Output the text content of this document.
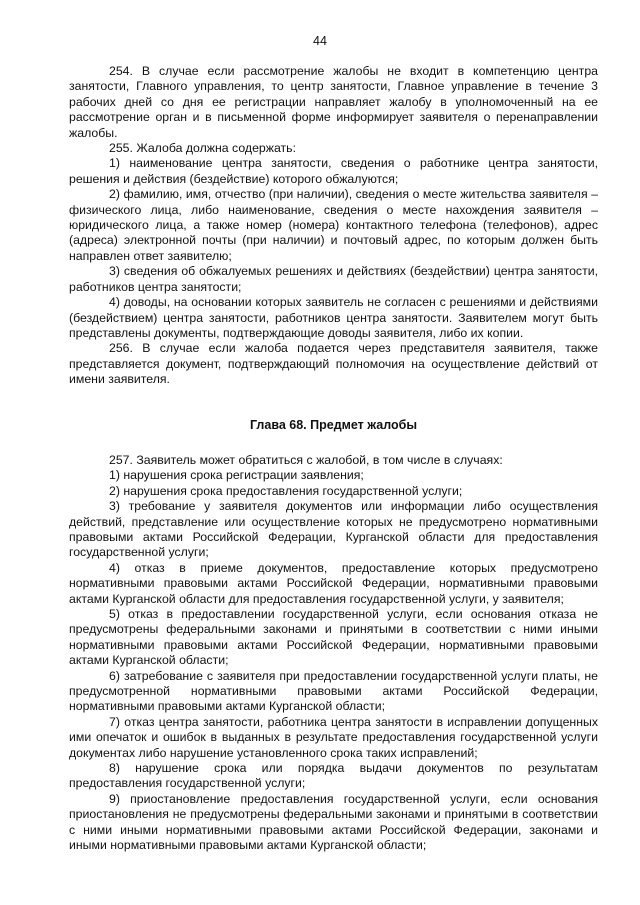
44

254. В случае если рассмотрение жалобы не входит в компетенцию центра занятости, Главного управления, то центр занятости, Главное управление в течение 3 рабочих дней со дня ее регистрации направляет жалобу в уполномоченный на ее рассмотрение орган и в письменной форме информирует заявителя о перенаправлении жалобы.

255. Жалоба должна содержать:

1) наименование центра занятости, сведения о работнике центра занятости, решения и действия (бездействие) которого обжалуются;

2) фамилию, имя, отчество (при наличии), сведения о месте жительства заявителя – физического лица, либо наименование, сведения о месте нахождения заявителя – юридического лица, а также номер (номера) контактного телефона (телефонов), адрес (адреса) электронной почты (при наличии) и почтовый адрес, по которым должен быть направлен ответ заявителю;

3) сведения об обжалуемых решениях и действиях (бездействии) центра занятости, работников центра занятости;

4) доводы, на основании которых заявитель не согласен с решениями и действиями (бездействием) центра занятости, работников центра занятости. Заявителем могут быть представлены документы, подтверждающие доводы заявителя, либо их копии.

256. В случае если жалоба подается через представителя заявителя, также представляется документ, подтверждающий полномочия на осуществление действий от имени заявителя.

Глава 68. Предмет жалобы

257. Заявитель может обратиться с жалобой, в том числе в случаях:

1) нарушения срока регистрации заявления;

2) нарушения срока предоставления государственной услуги;

3) требование у заявителя документов или информации либо осуществления действий, представление или осуществление которых не предусмотрено нормативными правовыми актами Российской Федерации, Курганской области для предоставления государственной услуги;

4) отказ в приеме документов, предоставление которых предусмотрено нормативными правовыми актами Российской Федерации, нормативными правовыми актами Курганской области для предоставления государственной услуги, у заявителя;

5) отказ в предоставлении государственной услуги, если основания отказа не предусмотрены федеральными законами и принятыми в соответствии с ними иными нормативными правовыми актами Российской Федерации, нормативными правовыми актами Курганской области;

6) затребование с заявителя при предоставлении государственной услуги платы, не предусмотренной нормативными правовыми актами Российской Федерации, нормативными правовыми актами Курганской области;

7) отказ центра занятости, работника центра занятости в исправлении допущенных ими опечаток и ошибок в выданных в результате предоставления государственной услуги документах либо нарушение установленного срока таких исправлений;

8) нарушение срока или порядка выдачи документов по результатам предоставления государственной услуги;

9) приостановление предоставления государственной услуги, если основания приостановления не предусмотрены федеральными законами и принятыми в соответствии с ними иными нормативными правовыми актами Российской Федерации, законами и иными нормативными правовыми актами Курганской области;
